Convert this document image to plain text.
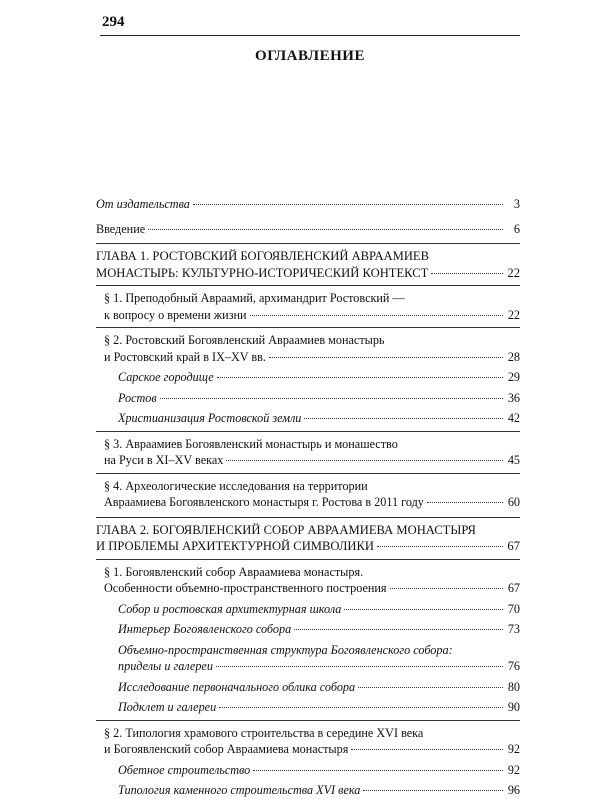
294
ОГЛАВЛЕНИЕ
От издательства	3
Введение	6
ГЛАВА 1. РОСТОВСКИЙ БОГОЯВЛЕНСКИЙ АВРААМИЕВ
МОНАСТЫРЬ: КУЛЬТУРНО-ИСТОРИЧЕСКИЙ КОНТЕКСТ	22
§ 1. Преподобный Авраамий, архимандрит Ростовский —
к вопросу о времени жизни	22
§ 2. Ростовский Богоявленский Авраамиев монастырь
и Ростовский край в IX–XV вв.	28
Сарское городище	29
Ростов	36
Христианизация Ростовской земли	42
§ 3. Авраамиев Богоявленский монастырь и монашество
на Руси в XI–XV веках	45
§ 4. Археологические исследования на территории
Авраамиева Богоявленского монастыря г. Ростова в 2011 году	60
ГЛАВА 2. БОГОЯВЛЕНСКИЙ СОБОР АВРААМИЕВА МОНАСТЫРЯ
И ПРОБЛЕМЫ АРХИТЕКТУРНОЙ СИМВОЛИКИ	67
§ 1. Богоявленский собор Авраамиева монастыря.
Особенности объемно-пространственного построения	67
Собор и ростовская архитектурная школа	70
Интерьер Богоявленского собора	73
Объемно-пространственная структура Богоявленского собора:
приделы и галереи	76
Исследование первоначального облика собора	80
Подклет и галереи	90
§ 2. Типология храмового строительства в середине XVI века
и Богоявленский собор Авраамиева монастыря	92
Обетное строительство	92
Типология каменного строительства XVI века	96
